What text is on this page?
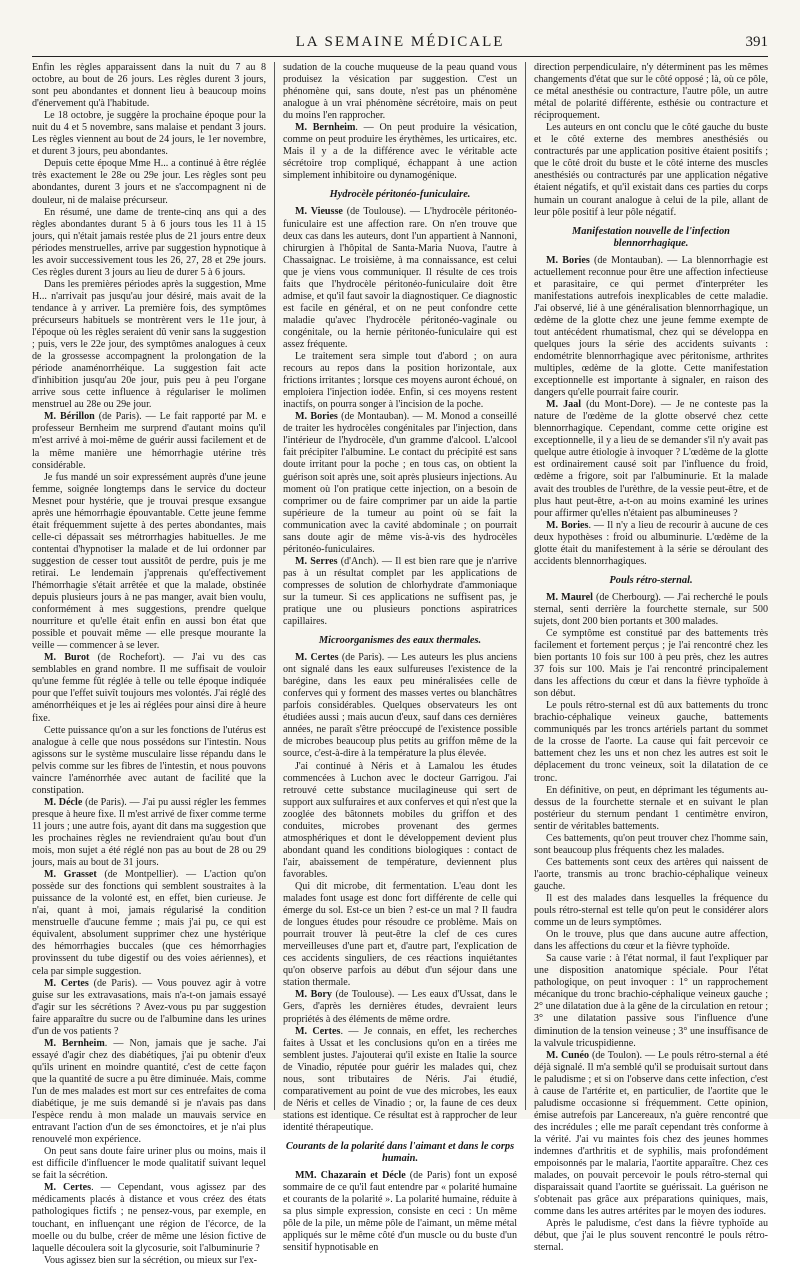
LA SEMAINE MÉDICALE	391

Enfin les règles apparaissent dans la nuit du 7 au 8 octobre, au bout de 26 jours. Les règles durent 3 jours, sont peu abondantes et donnent lieu à beaucoup moins d'énervement qu'à l'habitude.

Le 18 octobre, je suggère la prochaine époque pour la nuit du 4 et 5 novembre, sans malaise et pendant 3 jours. Les règles viennent au bout de 24 jours, le 1er novembre, et durent 3 jours, peu abondantes.

Depuis cette époque Mme H... a continué à être réglée très exactement le 28e ou 29e jour. Les règles sont peu abondantes, durent 3 jours et ne s'accompagnent ni de douleur, ni de malaise précurseur.

En résumé, une dame de trente-cinq ans qui a des règles abondantes durant 5 à 6 jours tous les 11 à 15 jours, qui n'était jamais restée plus de 21 jours entre deux périodes menstruelles, arrive par suggestion hypnotique à les avoir successivement tous les 26, 27, 28 et 29e jours. Ces règles durent 3 jours au lieu de durer 5 à 6 jours.

Dans les premières périodes après la suggestion, Mme H... n'arrivait pas jusqu'au jour désiré, mais avait de la tendance à y arriver. La première fois, des symptômes précurseurs habituels se montrèrent vers le 11e jour, à l'époque où les règles seraient dû venir sans la suggestion ; puis, vers le 22e jour, des symptômes analogues à ceux de la grossesse accompagnent la prolongation de la période anaménorrhéique. La suggestion fait acte d'inhibition jusqu'au 20e jour, puis peu à peu l'organe arrive sous cette influence à régulariser le molimen menstruel au 28e ou 29e jour.

M. Bérillon (de Paris). — Le fait rapporté par M. e professeur Bernheim me surprend d'autant moins qu'il m'est arrivé à moi-même de guérir aussi facilement et de la même manière une hémorrhagie utérine très considérable.

Je fus mandé un soir expressément auprès d'une jeune femme, soignée longtemps dans le service du docteur Mesnet pour hystérie, que je trouvai presque exsangue après une hémorrhagie épouvantable. Cette jeune femme était fréquemment sujette à des pertes abondantes, mais celle-ci dépassait ses métrorrhagies habituelles. Je me contentai d'hypnotiser la malade et de lui ordonner par suggestion de cesser tout aussitôt de perdre, puis je me retirai. Le lendemain j'apprenais qu'effectivement l'hémorrhagie s'était arrêtée et que la malade, obstinée depuis plusieurs jours à ne pas manger, avait bien voulu, conformément à mes suggestions, prendre quelque nourriture et qu'elle était enfin en aussi bon état que possible et pouvait même — elle presque mourante la veille — commencer à se lever.

M. Burot (de Rochefort). — J'ai vu des cas semblables en grand nombre. Il me suffisait de vouloir qu'une femme fût réglée à telle ou telle époque indiquée pour que l'effet suivît toujours mes volontés. J'ai réglé des aménorrhéiques et je les ai réglées pour ainsi dire à heure fixe.

Cette puissance qu'on a sur les fonctions de l'utérus est analogue à celle que nous possédons sur l'intestin. Nous agissons sur le système musculaire lisse répandu dans le pelvis comme sur les fibres de l'intestin, et nous pouvons vaincre l'aménorrhée avec autant de facilité que la constipation.

M. Décle (de Paris). — J'ai pu aussi régler les femmes presque à heure fixe. Il m'est arrivé de fixer comme terme 11 jours ; une autre fois, ayant dit dans ma suggestion que les prochaines règles ne reviendraient qu'au bout d'un mois, mon sujet a été réglé non pas au bout de 28 ou 29 jours, mais au bout de 31 jours.

M. Grasset (de Montpellier). — L'action qu'on possède sur des fonctions qui semblent soustraites à la puissance de la volonté est, en effet, bien curieuse. Je n'ai, quant à moi, jamais régularisé la condition menstruelle d'aucune femme ; mais j'ai pu, ce qui est équivalent, absolument supprimer chez une hystérique des hémorrhagies buccales (que ces hémorrhagies provinssent du tube digestif ou des voies aériennes), et cela par simple suggestion.

M. Certes (de Paris). — Vous pouvez agir à votre guise sur les extravasations, mais n'a-t-on jamais essayé d'agir sur les sécrétions ? Avez-vous pu par suggestion faire apparaître du sucre ou de l'albumine dans les urines d'un de vos patients ?

M. Bernheim. — Non, jamais que je sache. J'ai essayé d'agir chez des diabétiques, j'ai pu obtenir d'eux qu'ils urinent en moindre quantité, c'est de cette façon que la quantité de sucre a pu être diminuée. Mais, comme l'un de mes malades est mort sur ces entrefaites de coma diabétique, je me suis demandé si je n'avais pas dans l'espèce rendu à mon malade un mauvais service en entravant l'action d'un de ses émonctoires, et je n'ai plus renouvelé mon expérience.

On peut sans doute faire uriner plus ou moins, mais il est difficile d'influencer le mode qualitatif suivant lequel se fait la sécrétion.

M. Certes. — Cependant, vous agissez par des médicaments placés à distance et vous créez des états pathologiques fictifs ; ne pensez-vous, par exemple, en touchant, en influençant une région de l'écorce, de la moelle ou du bulbe, créer de même une lésion fictive de laquelle découlera soit la glycosurie, soit l'albuminurie ?

Vous agissez bien sur la sécrétion, ou mieux sur l'ex-

sudation de la couche muqueuse de la peau quand vous produisez la vésication par suggestion. C'est un phénomène qui, sans doute, n'est pas un phénomène analogue à un vrai phénomène sécrétoire, mais on peut du moins l'en rapprocher.

M. Bernheim. — On peut produire la vésication, comme on peut produire les érythèmes, les urticaires, etc. Mais il y a de la différence avec le véritable acte sécrétoire trop compliqué, échappant à une action simplement inhibitoire ou dynamogénique.

Hydrocèle péritonéo-funiculaire.

M. Vieusse (de Toulouse). — L'hydrocèle péritonéo-funiculaire est une affection rare. On n'en trouve que deux cas dans les auteurs, dont l'un appartient à Nannoni, chirurgien à l'hôpital de Santa-Maria Nuova, l'autre à Chassaignac. Le troisième, à ma connaissance, est celui que je viens vous communiquer. Il résulte de ces trois faits que l'hydrocèle péritonéo-funiculaire doit être admise, et qu'il faut savoir la diagnostiquer. Ce diagnostic est facile en général, et on ne peut confondre cette maladie qu'avec l'hydrocèle péritonéo-vaginale ou congénitale, ou la hernie péritonéo-funiculaire qui est assez fréquente.

Le traitement sera simple tout d'abord ; on aura recours au repos dans la position horizontale, aux frictions irritantes ; lorsque ces moyens auront échoué, on emploiera l'injection iodée. Enfin, si ces moyens restent inactifs, on pourra songer à l'incision de la poche.

M. Bories (de Montauban). — M. Monod a conseillé de traiter les hydrocèles congénitales par l'injection, dans l'intérieur de l'hydrocèle, d'un gramme d'alcool. L'alcool fait précipiter l'albumine. Le contact du précipité est sans doute irritant pour la poche ; en tous cas, on obtient la guérison soit après une, soit après plusieurs injections. Au moment où l'on pratique cette injection, on a besoin de comprimer ou de faire comprimer par un aide la partie supérieure de la tumeur au point où se fait la communication avec la cavité abdominale ; on pourrait sans doute agir de même vis-à-vis des hydrocèles péritonéo-funiculaires.

M. Serres (d'Anch). — Il est bien rare que je n'arrive pas à un résultat complet par les applications de compresses de solution de chlorhydrate d'ammoniaque sur la tumeur. Si ces applications ne suffisent pas, je pratique une ou plusieurs ponctions aspiratrices capillaires.

Microorganismes des eaux thermales.

M. Certes (de Paris). — Les auteurs les plus anciens ont signalé dans les eaux sulfureuses l'existence de la barégine, dans les eaux peu minéralisées celle de conferves qui y forment des masses vertes ou blanchâtres parfois considérables. Quelques observateurs les ont étudiées aussi ; mais aucun d'eux, sauf dans ces dernières années, ne paraît s'être préoccupé de l'existence possible de microbes beaucoup plus petits au griffon même de la source, c'est-à-dire à la température la plus élevée.

J'ai continué à Néris et à Lamalou les études commencées à Luchon avec le docteur Garrigou. J'ai retrouvé cette substance mucilagineuse qui sert de support aux sulfuraires et aux conferves et qui n'est que la zooglée des bâtonnets mobiles du griffon et des conduites, microbes provenant des germes atmosphériques et dont le développement devient plus abondant quand les conditions biologiques : contact de l'air, abaissement de température, deviennent plus favorables.

Qui dit microbe, dit fermentation. L'eau dont les malades font usage est donc fort différente de celle qui émerge du sol. Est-ce un bien ? est-ce un mal ? Il faudra de longues études pour résoudre ce problème. Mais on pourrait trouver là peut-être la clef de ces cures merveilleuses d'une part et, d'autre part, l'explication de ces accidents singuliers, de ces réactions inquiétantes qu'on observe parfois au début d'un séjour dans une station thermale.

M. Bory (de Toulouse). — Les eaux d'Ussat, dans le Gers, d'après les dernières études, devraient leurs propriétés à des éléments de même ordre.

M. Certes. — Je connais, en effet, les recherches faites à Ussat et les conclusions qu'on en a tirées me semblent justes. J'ajouterai qu'il existe en Italie la source de Vinadio, réputée pour guérir les malades qui, chez nous, sont tributaires de Néris. J'ai étudié, comparativement au point de vue des microbes, les eaux de Néris et celles de Vinadio ; or, la faune de ces deux stations est identique. Ce résultat est à rapprocher de leur identité thérapeutique.

Courants de la polarité dans l'aimant et dans le corps humain.

MM. Chazarain et Décle (de Paris) font un exposé sommaire de ce qu'il faut entendre par « polarité humaine et courants de la polarité ». La polarité humaine, réduite à sa plus simple expression, consiste en ceci : Un même pôle de la pile, un même pôle de l'aimant, un même métal appliqués sur le même côté d'un muscle ou du buste d'un sensitif hypnotisable en

direction perpendiculaire, n'y déterminent pas les mêmes changements d'état que sur le côté opposé ; là, où ce pôle, ce métal anesthésie ou contracture, l'autre pôle, un autre métal de polarité différente, esthésie ou contracture et réciproquement.

Les auteurs en ont conclu que le côté gauche du buste et le côté externe des membres anesthésiés ou contracturés par une application positive étaient positifs ; que le côté droit du buste et le côté interne des muscles anesthésiés ou contracturés par une application négative étaient négatifs, et qu'il existait dans ces parties du corps humain un courant analogue à celui de la pile, allant de leur pôle positif à leur pôle négatif.

Manifestation nouvelle de l'infection blennorrhagique.

M. Bories (de Montauban). — La blennorrhagie est actuellement reconnue pour être une affection infectieuse et parasitaire, ce qui permet d'interpréter les manifestations autrefois inexplicables de cette maladie. J'ai observé, lié à une généralisation blennorrhagique, un œdème de la glotte chez une jeune femme exempte de tout antécédent rhumatismal, chez qui se développa en quelques jours la série des accidents suivants : endométrite blennorrhagique avec péritonisme, arthrites multiples, œdème de la glotte. Cette manifestation exceptionnelle est importante à signaler, en raison des dangers qu'elle pourrait faire courir.

M. Jaal (du Mont-Dore). — Je ne conteste pas la nature de l'œdème de la glotte observé chez cette blennorrhagique. Cependant, comme cette origine est exceptionnelle, il y a lieu de se demander s'il n'y avait pas quelque autre étiologie à invoquer ? L'œdème de la glotte est ordinairement causé soit par l'influence du froid, œdème a frigore, soit par l'albuminurie. Et la malade avait des troubles de l'urèthre, de la vessie peut-être, et de plus haut peut-être, a-t-on au moins examiné les urines pour affirmer qu'elles n'étaient pas albumineuses ?

M. Bories. — Il n'y a lieu de recourir à aucune de ces deux hypothèses : froid ou albuminurie. L'œdème de la glotte était du manifestement à la série se déroulant des accidents blennorrhagiques.

Pouls rétro-sternal.

M. Maurel (de Cherbourg). — J'ai recherché le pouls sternal, senti derrière la fourchette sternale, sur 500 sujets, dont 200 bien portants et 300 malades.

Ce symptôme est constitué par des battements très facilement et fortement perçus ; je l'ai rencontré chez les bien portants 10 fois sur 100 à peu près, chez les autres 37 fois sur 100. Mais je l'ai rencontré principalement dans les affections du cœur et dans la fièvre typhoïde à son début.

Le pouls rétro-sternal est dû aux battements du tronc brachio-céphalique veineux gauche, battements communiqués par les troncs artériels partant du sommet de la crosse de l'aorte. La cause qui fait percevoir ce battement chez les uns et non chez les autres est soit le déplacement du tronc veineux, soit la dilatation de ce tronc.

En définitive, on peut, en déprimant les téguments au-dessus de la fourchette sternale et en suivant le plan postérieur du sternum pendant 1 centimètre environ, sentir de véritables battements.

Ces battements, qu'on peut trouver chez l'homme sain, sont beaucoup plus fréquents chez les malades.

Ces battements sont ceux des artères qui naissent de l'aorte, transmis au tronc brachio-céphalique veineux gauche.

Il est des malades dans lesquelles la fréquence du pouls rétro-sternal est telle qu'on peut le considérer alors comme un de leurs symptômes.

On le trouve, plus que dans aucune autre affection, dans les affections du cœur et la fièvre typhoïde.

Sa cause varie : à l'état normal, il faut l'expliquer par une disposition anatomique spéciale. Pour l'état pathologique, on peut invoquer : 1° un rapprochement mécanique du tronc brachio-céphalique veineux gauche ; 2° une dilatation due à la gêne de la circulation en retour ; 3° une dilatation passive sous l'influence d'une diminution de la tension veineuse ; 3° une insuffisance de la valvule tricuspidienne.

M. Cunéo (de Toulon). — Le pouls rétro-sternal a été déjà signalé. Il m'a semblé qu'il se produisait surtout dans le paludisme ; et si on l'observe dans cette infection, c'est à cause de l'artérite et, en particulier, de l'aortite que le paludisme occasionne si fréquemment. Cette opinion, émise autrefois par Lancereaux, n'a guère rencontré que des incrédules ; elle me paraît cependant très conforme à la vérité. J'ai vu maintes fois chez des jeunes hommes indemnes d'arthritis et de syphilis, mais profondément empoisonnés par le malaria, l'aortite apparaître. Chez ces malades, on pouvait percevoir le pouls rétro-sternal qui disparaissait quand l'aortite se guérissait. La guérison ne s'obtenait pas grâce aux préparations quiniques, mais, comme dans les autres artérites par le moyen des iodures.

Après le paludisme, c'est dans la fièvre typhoïde au début, que j'ai le plus souvent rencontré le pouls rétro-sternal.
